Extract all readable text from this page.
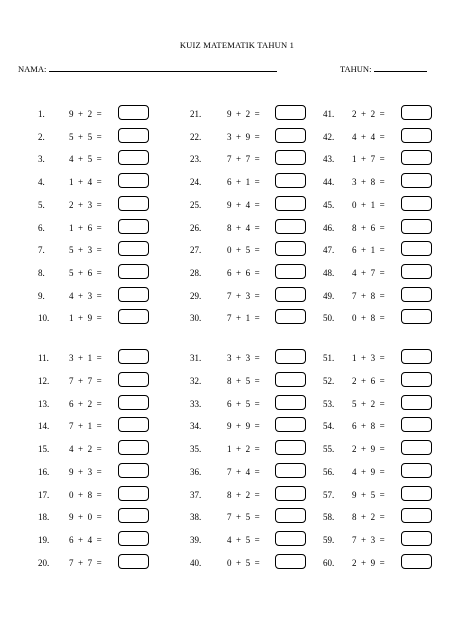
KUIZ MATEMATIK TAHUN 1
NAMA:	TAHUN:
1.	9 + 2 =
2.	5 + 5 =
3.	4 + 5 =
4.	1 + 4 =
5.	2 + 3 =
6.	1 + 6 =
7.	5 + 3 =
8.	5 + 6 =
9.	4 + 3 =
10.	1 + 9 =
11.	3 + 1 =
12.	7 + 7 =
13.	6 + 2 =
14.	7 + 1 =
15.	4 + 2 =
16.	9 + 3 =
17.	0 + 8 =
18.	9 + 0 =
19.	6 + 4 =
20.	7 + 7 =
21.	9 + 2 =
22.	3 + 9 =
23.	7 + 7 =
24.	6 + 1 =
25.	9 + 4 =
26.	8 + 4 =
27.	0 + 5 =
28.	6 + 6 =
29.	7 + 3 =
30.	7 + 1 =
31.	3 + 3 =
32.	8 + 5 =
33.	6 + 5 =
34.	9 + 9 =
35.	1 + 2 =
36.	7 + 4 =
37.	8 + 2 =
38.	7 + 5 =
39.	4 + 5 =
40.	0 + 5 =
41.	2 + 2 =
42.	4 + 4 =
43.	1 + 7 =
44.	3 + 8 =
45.	0 + 1 =
46.	8 + 6 =
47.	6 + 1 =
48.	4 + 7 =
49.	7 + 8 =
50.	0 + 8 =
51.	1 + 3 =
52.	2 + 6 =
53.	5 + 2 =
54.	6 + 8 =
55.	2 + 9 =
56.	4 + 9 =
57.	9 + 5 =
58.	8 + 2 =
59.	7 + 3 =
60.	2 + 9 =
